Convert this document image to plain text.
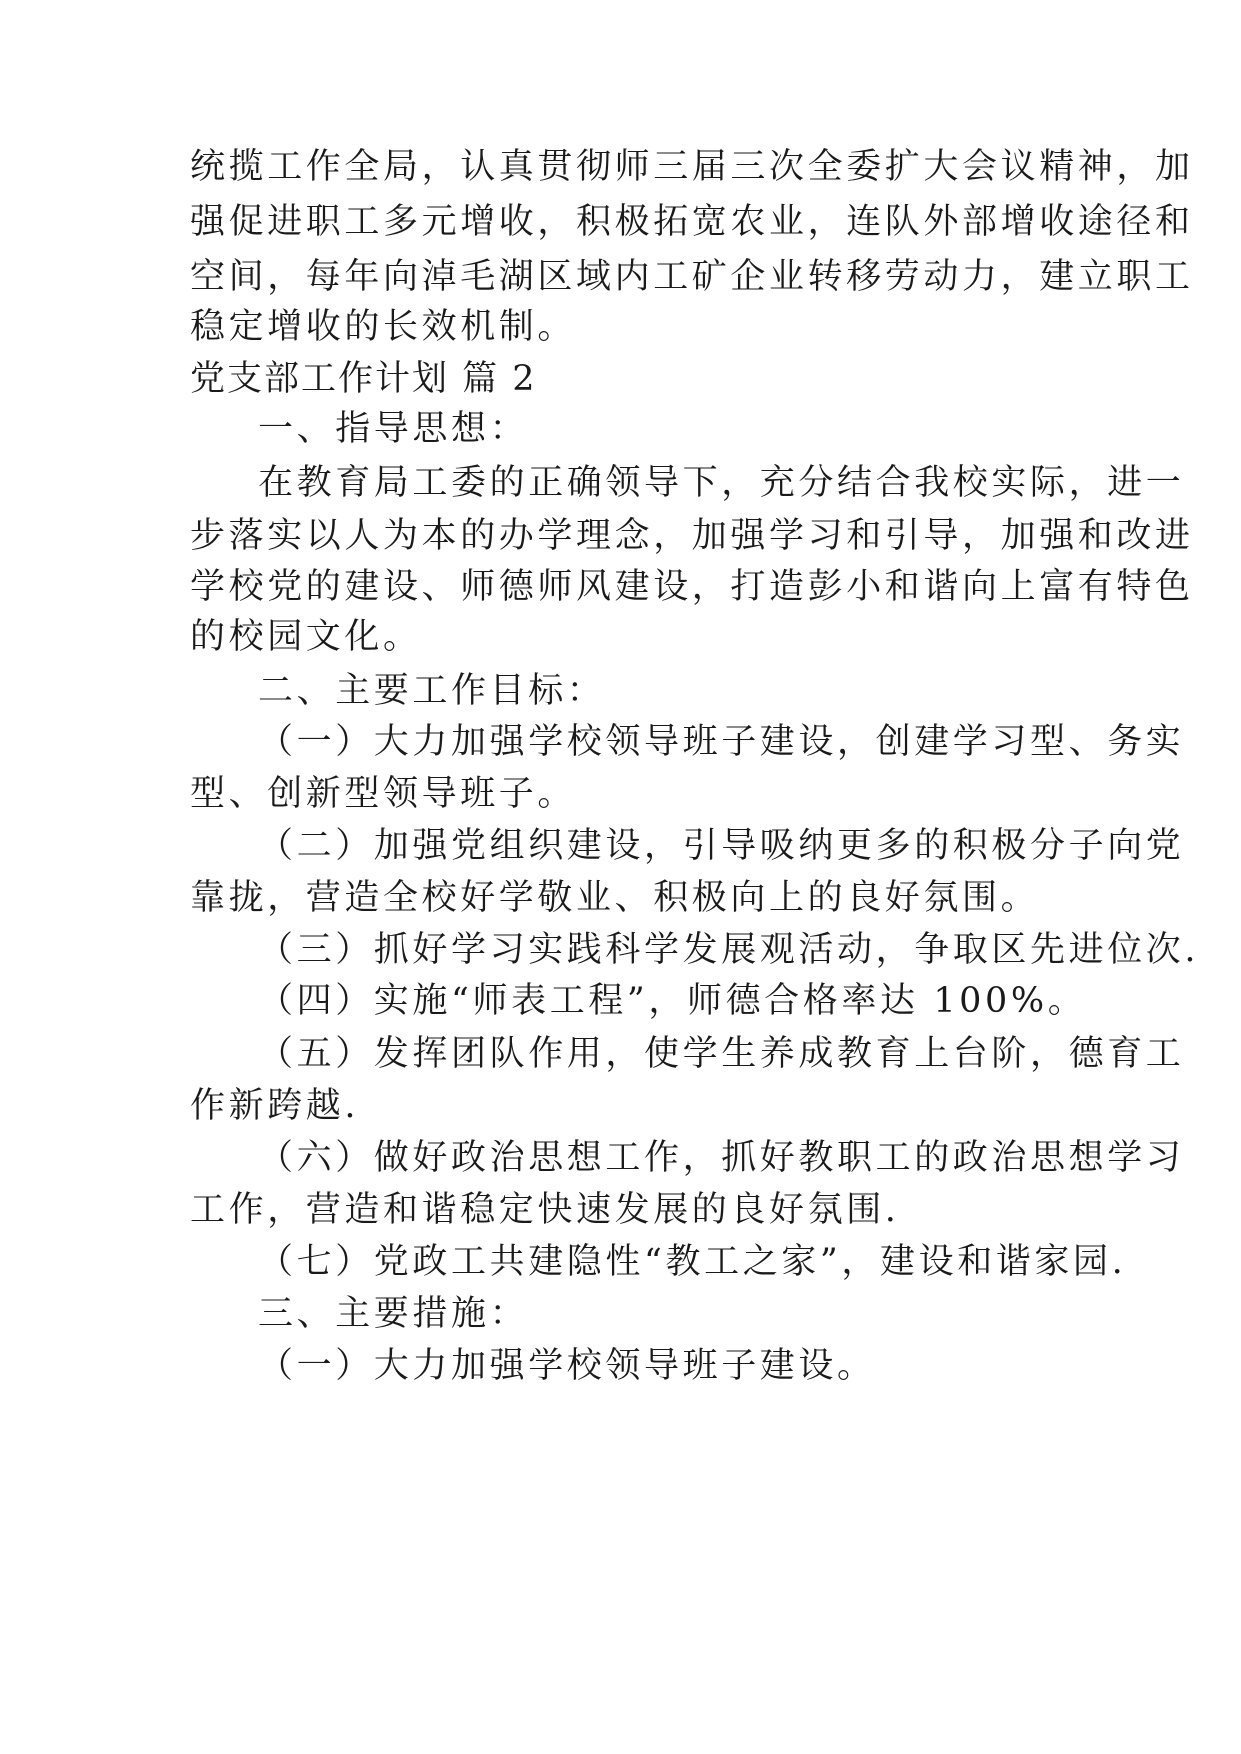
统揽工作全局，认真贯彻师三届三次全委扩大会议精神，加
强促进职工多元增收，积极拓宽农业，连队外部增收途径和
空间，每年向淖毛湖区域内工矿企业转移劳动力，建立职工
稳定增收的长效机制。
党支部工作计划 篇 2
一、指导思想：
在教育局工委的正确领导下，充分结合我校实际，进一
步落实以人为本的办学理念，加强学习和引导，加强和改进
学校党的建设、师德师风建设，打造彭小和谐向上富有特色
的校园文化。
二、主要工作目标：
（一）大力加强学校领导班子建设，创建学习型、务实
型、创新型领导班子。
（二）加强党组织建设，引导吸纳更多的积极分子向党
靠拢，营造全校好学敬业、积极向上的良好氛围。
（三）抓好学习实践科学发展观活动，争取区先进位次.
（四）实施“师表工程”，师德合格率达 100%。
（五）发挥团队作用，使学生养成教育上台阶，德育工
作新跨越.
（六）做好政治思想工作，抓好教职工的政治思想学习
工作，营造和谐稳定快速发展的良好氛围.
（七）党政工共建隐性“教工之家”，建设和谐家园.
三、主要措施：
（一）大力加强学校领导班子建设。
